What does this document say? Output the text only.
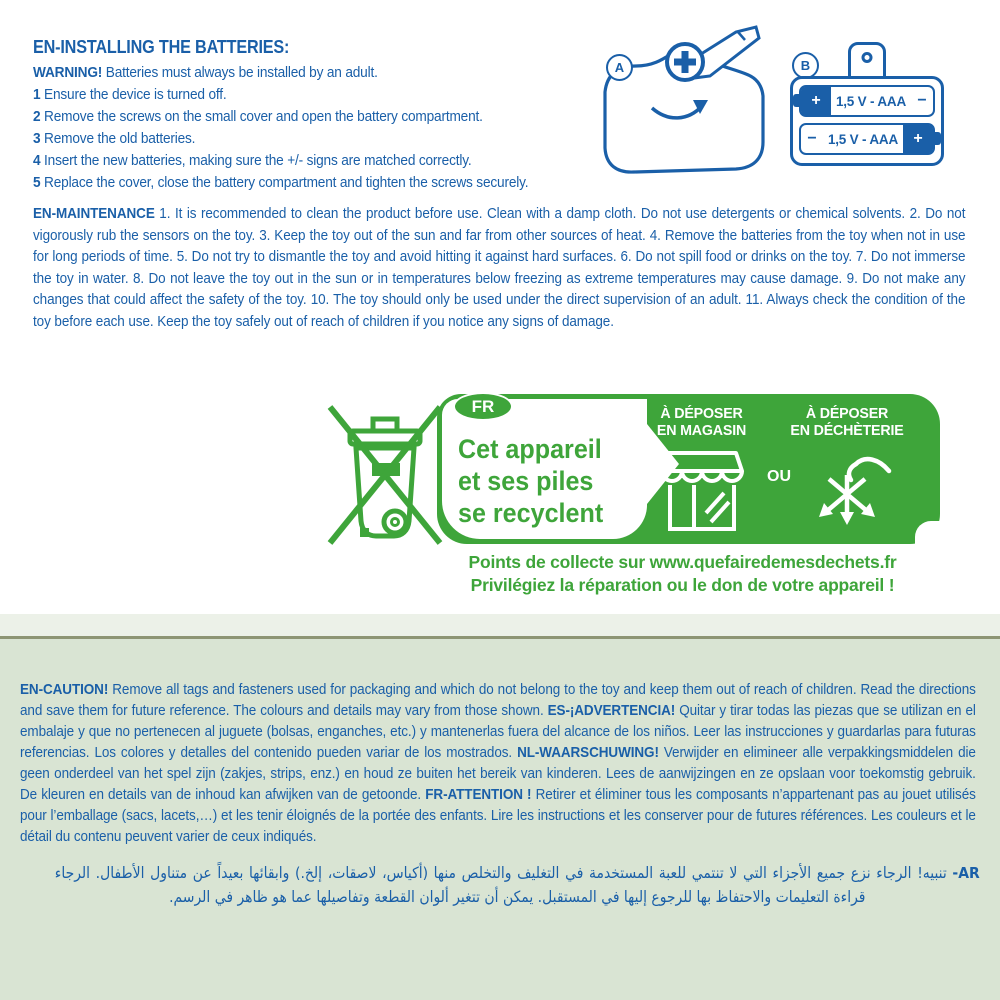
EN-INSTALLING THE BATTERIES:

WARNING! Batteries must always be installed by an adult.

1 Ensure the device is turned off.

2 Remove the screws on the small cover and open the battery compartment.

3 Remove the old batteries.

4 Insert the new batteries, making sure the +/- signs are matched correctly.

5 Replace the cover, close the battery compartment and tighten the screws securely.

A	B
+	1,5 V - AAA −
− 1,5 V - AAA +

EN-MAINTENANCE 1. It is recommended to clean the product before use. Clean with a damp cloth. Do not use detergents or chemical solvents. 2. Do not vigorously rub the sensors on the toy. 3. Keep the toy out of the sun and far from other sources of heat. 4. Remove the batteries from the toy when not in use for long periods of time. 5. Do not try to dismantle the toy and avoid hitting it against hard surfaces. 6. Do not spill food or drinks on the toy. 7. Do not immerse the toy in water. 8. Do not leave the toy out in the sun or in temperatures below freezing as extreme temperatures may cause damage. 9. Do not make any changes that could affect the safety of the toy. 10. The toy should only be used under the direct supervision of an adult. 11. Always check the condition of the toy before each use. Keep the toy safely out of reach of children if you notice any signs of damage.

À DÉPOSER
EN MAGASIN
OU
À DÉPOSER
EN DÉCHÈTERIE
Cet appareil
et ses piles
se recyclent
FR

Points de collecte sur www.quefairedemesdechets.fr

Privilégiez la réparation ou le don de votre appareil !

EN-CAUTION! Remove all tags and fasteners used for packaging and which do not belong to the toy and keep them out of reach of children. Read the directions and save them for future reference. The colours and details may vary from those shown. ES-¡ADVERTENCIA! Quitar y tirar todas las piezas que se utilizan en el embalaje y que no pertenecen al juguete (bolsas, enganches, etc.) y mantenerlas fuera del alcance de los niños. Leer las instrucciones y guardarlas para futuras referencias. Los colores y detalles del contenido pueden variar de los mostrados. NL-WAARSCHUWING! Verwijder en elimineer alle verpakkingsmiddelen die geen onderdeel van het spel zijn (zakjes, strips, enz.) en houd ze buiten het bereik van kinderen. Lees de aanwijzingen en ze opslaan voor toekomstig gebruik. De kleuren en details van de inhoud kan afwijken van de getoonde. FR-ATTENTION ! Retirer et éliminer tous les composants n’appartenant pas au jouet utilisés pour l’emballage (sacs, lacets,…) et les tenir éloignés de la portée des enfants. Lire les instructions et les conserver pour de futures références. Les couleurs et le détail du contenu peuvent varier de ceux indiqués.

AR- تنبيه! الرجاء نزع جميع الأجزاء التي لا تنتمي للعبة المستخدمة في التغليف والتخلص منها (أكياس، لاصقات، إلخ.) وابقائها بعيداً عن متناول الأطفال. الرجاء قراءة التعليمات والاحتفاظ بها للرجوع إليها في المستقبل. يمكن أن تتغير ألوان القطعة وتفاصيلها عما هو ظاهر في الرسم.
